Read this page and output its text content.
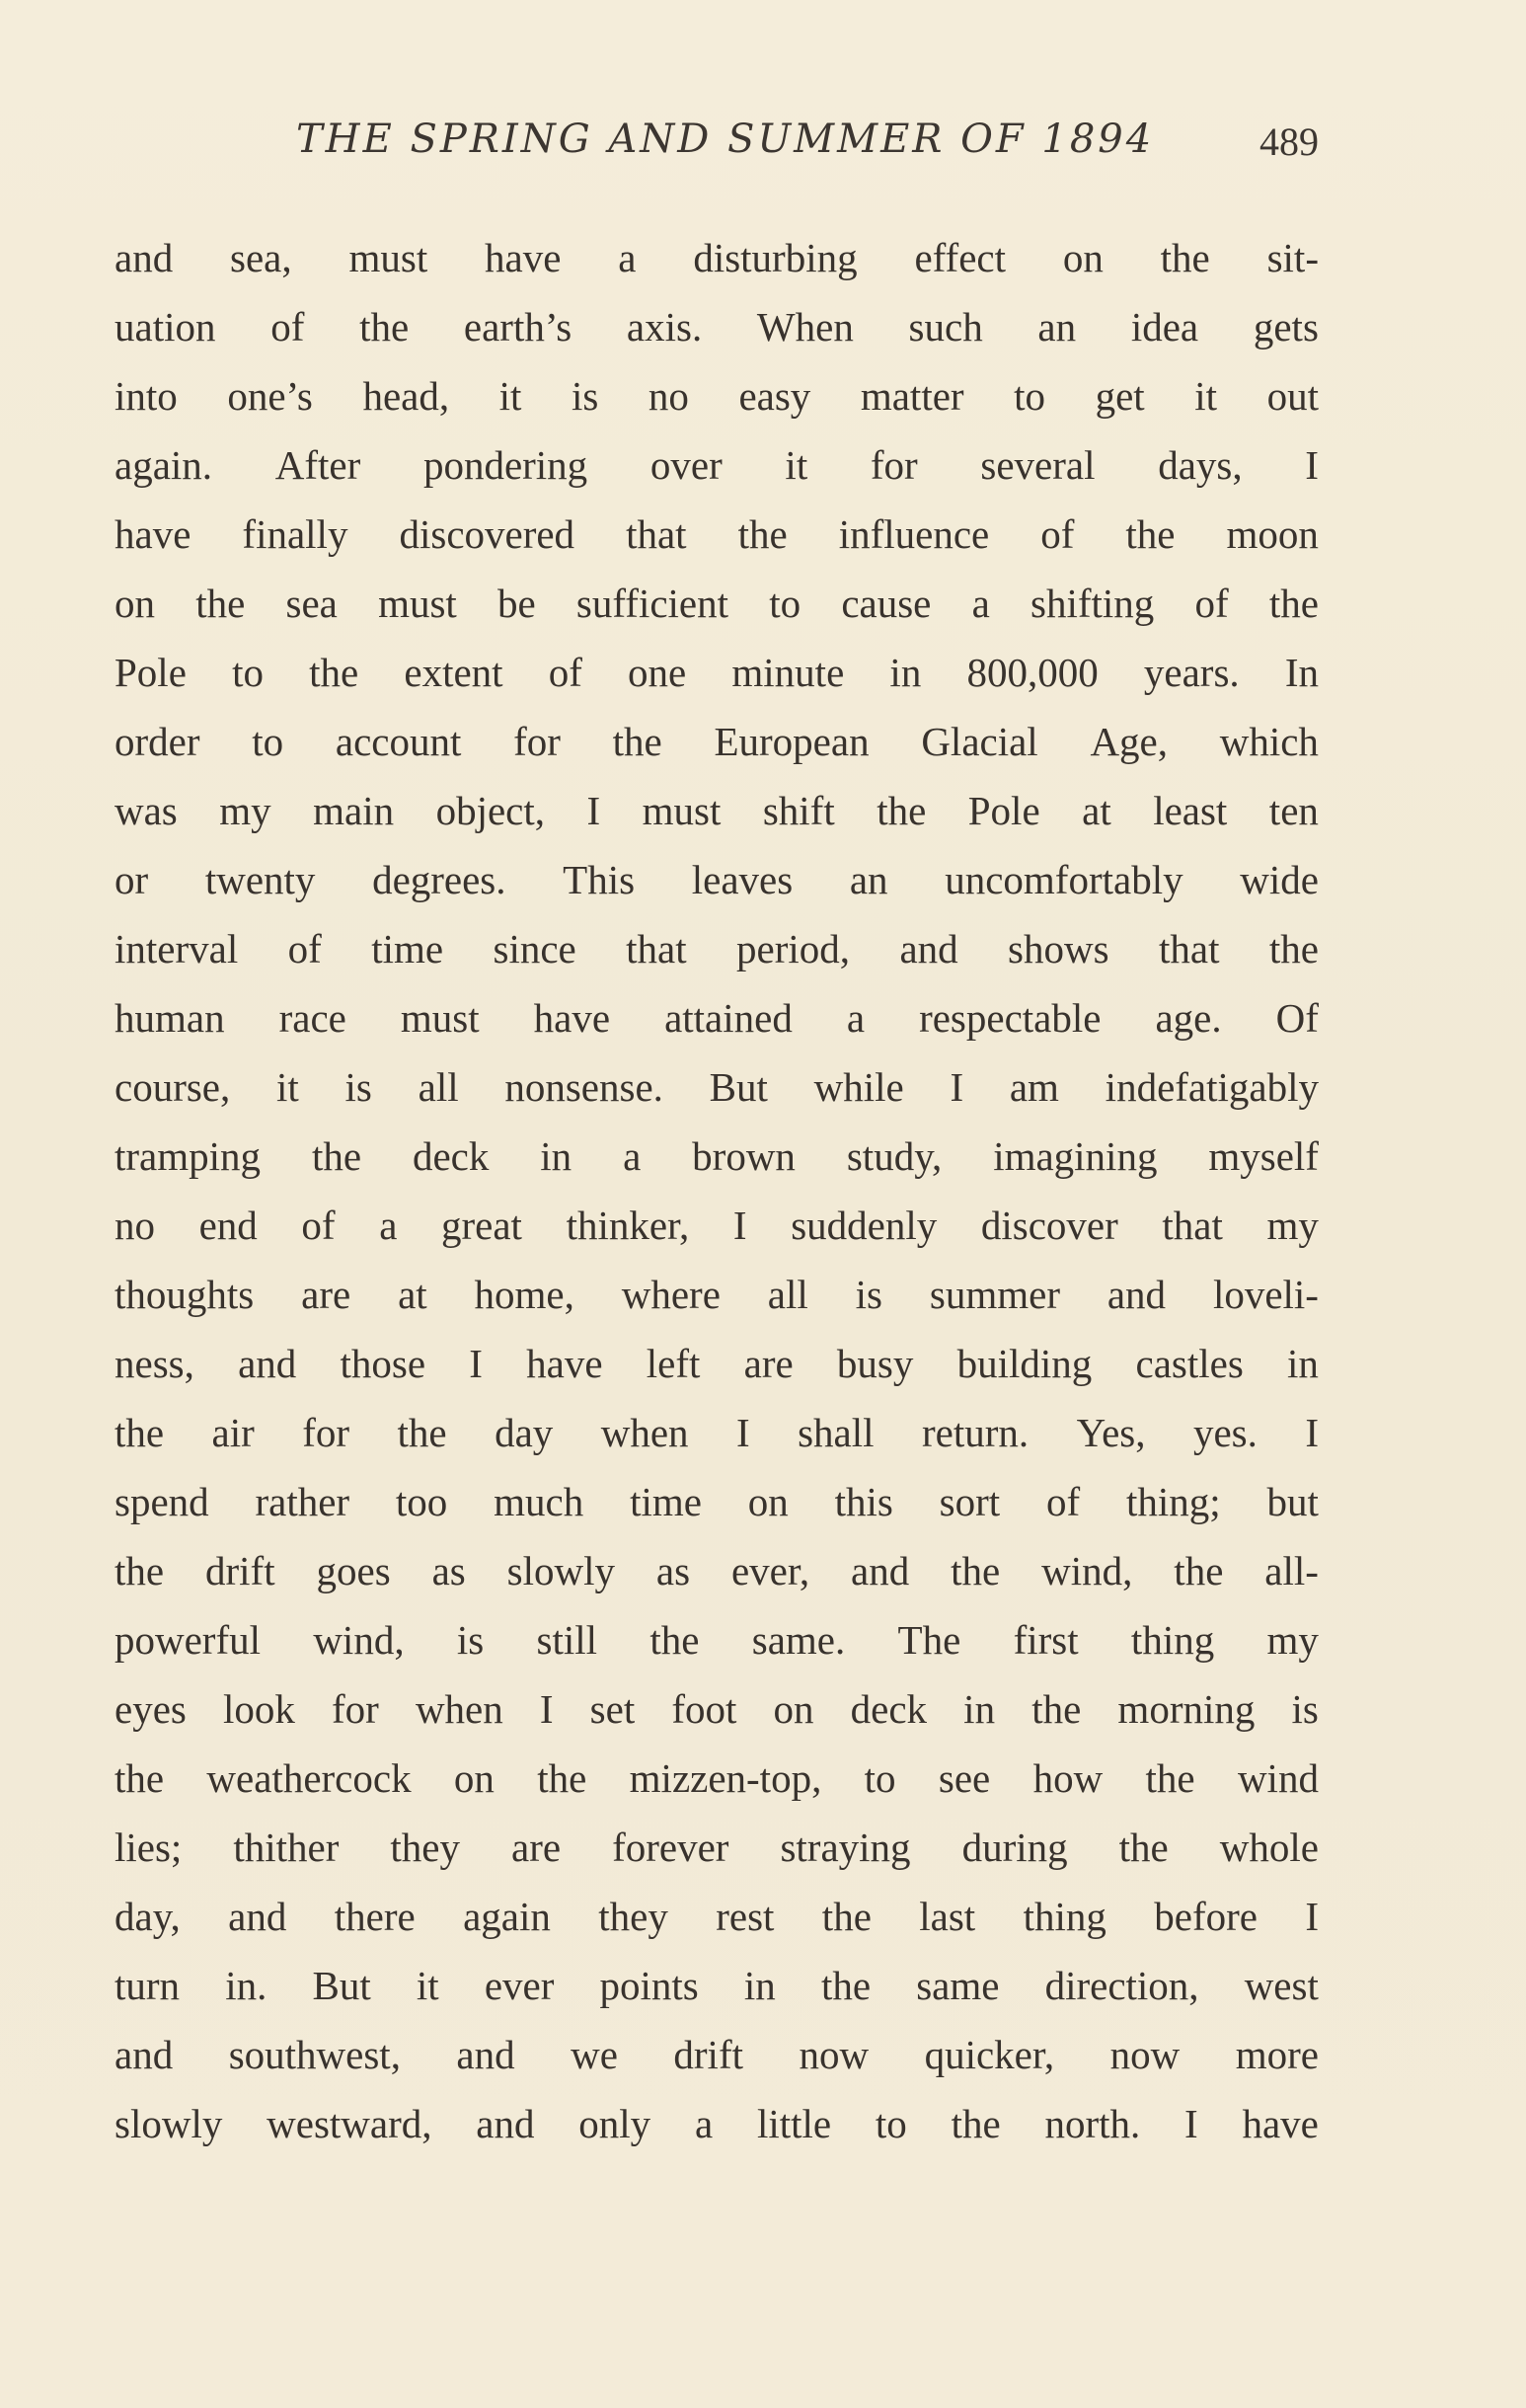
THE SPRING AND SUMMER OF 1894	489
and sea, must have a disturbing effect on the sit-
uation of the earth’s axis. When such an idea gets
into one’s head, it is no easy matter to get it out
again. After pondering over it for several days, I
have finally discovered that the influence of the moon
on the sea must be sufficient to cause a shifting of the
Pole to the extent of one minute in 800,000 years. In
order to account for the European Glacial Age, which
was my main object, I must shift the Pole at least ten
or twenty degrees. This leaves an uncomfortably wide
interval of time since that period, and shows that the
human race must have attained a respectable age. Of
course, it is all nonsense. But while I am indefatigably
tramping the deck in a brown study, imagining myself
no end of a great thinker, I suddenly discover that my
thoughts are at home, where all is summer and loveli-
ness, and those I have left are busy building castles in
the air for the day when I shall return. Yes, yes. I
spend rather too much time on this sort of thing; but
the drift goes as slowly as ever, and the wind, the all-
powerful wind, is still the same. The first thing my
eyes look for when I set foot on deck in the morning is
the weathercock on the mizzen-top, to see how the wind
lies; thither they are forever straying during the whole
day, and there again they rest the last thing before I
turn in. But it ever points in the same direction, west
and southwest, and we drift now quicker, now more
slowly westward, and only a little to the north. I have
